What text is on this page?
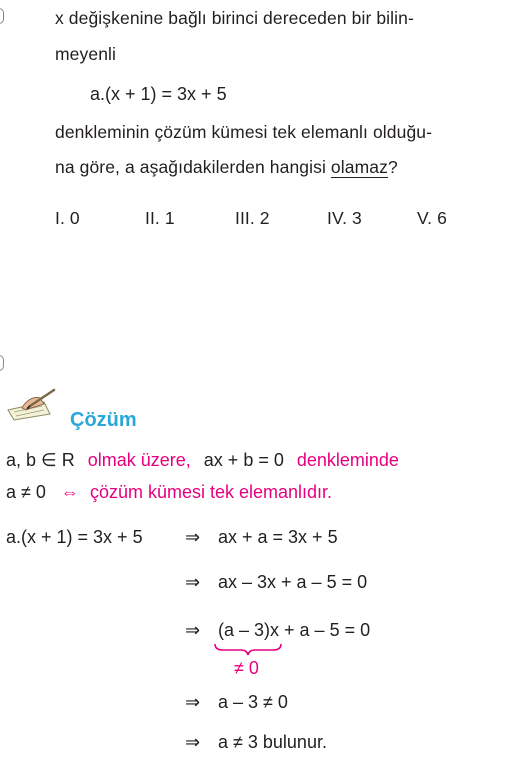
x değişkenine bağlı birinci dereceden bir bilin-
meyenli
a.(x + 1) = 3x + 5
denkleminin çözüm kümesi tek elemanlı olduğu-
na göre, a aşağıdakilerden hangisi olamaz?
I. 0	II. 1	III. 2	IV. 3	V. 6
Çözüm
a, b ∈ R olmak üzere, ax + b = 0 denkleminde
a ≠ 0 ⇔ çözüm kümesi tek elemanlıdır.
a.(x + 1) = 3x + 5 ⇒ ax + a = 3x + 5
⇒ ax – 3x + a – 5 = 0
⇒ (a – 3)x + a – 5 = 0
≠ 0
⇒ a – 3 ≠ 0
⇒ a ≠ 3 bulunur.
